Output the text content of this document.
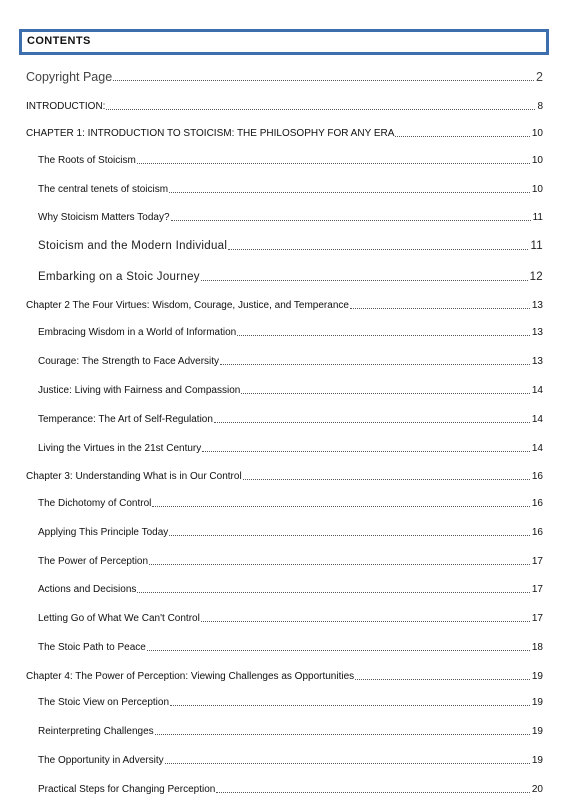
CONTENTS
Copyright Page	2
INTRODUCTION:	8
CHAPTER 1: INTRODUCTION TO STOICISM: THE PHILOSOPHY FOR ANY ERA	10
The Roots of Stoicism	10
The central tenets of stoicism	10
Why Stoicism Matters Today?	11
Stoicism and the Modern Individual	11
Embarking on a Stoic Journey	12
Chapter 2 The Four Virtues: Wisdom, Courage, Justice, and Temperance	13
Embracing Wisdom in a World of Information	13
Courage: The Strength to Face Adversity	13
Justice: Living with Fairness and Compassion	14
Temperance: The Art of Self-Regulation	14
Living the Virtues in the 21st Century	14
Chapter 3: Understanding What is in Our Control	16
The Dichotomy of Control	16
Applying This Principle Today	16
The Power of Perception	17
Actions and Decisions	17
Letting Go of What We Can't Control	17
The Stoic Path to Peace	18
Chapter 4: The Power of Perception: Viewing Challenges as Opportunities	19
The Stoic View on Perception	19
Reinterpreting Challenges	19
The Opportunity in Adversity	19
Practical Steps for Changing Perception	20
